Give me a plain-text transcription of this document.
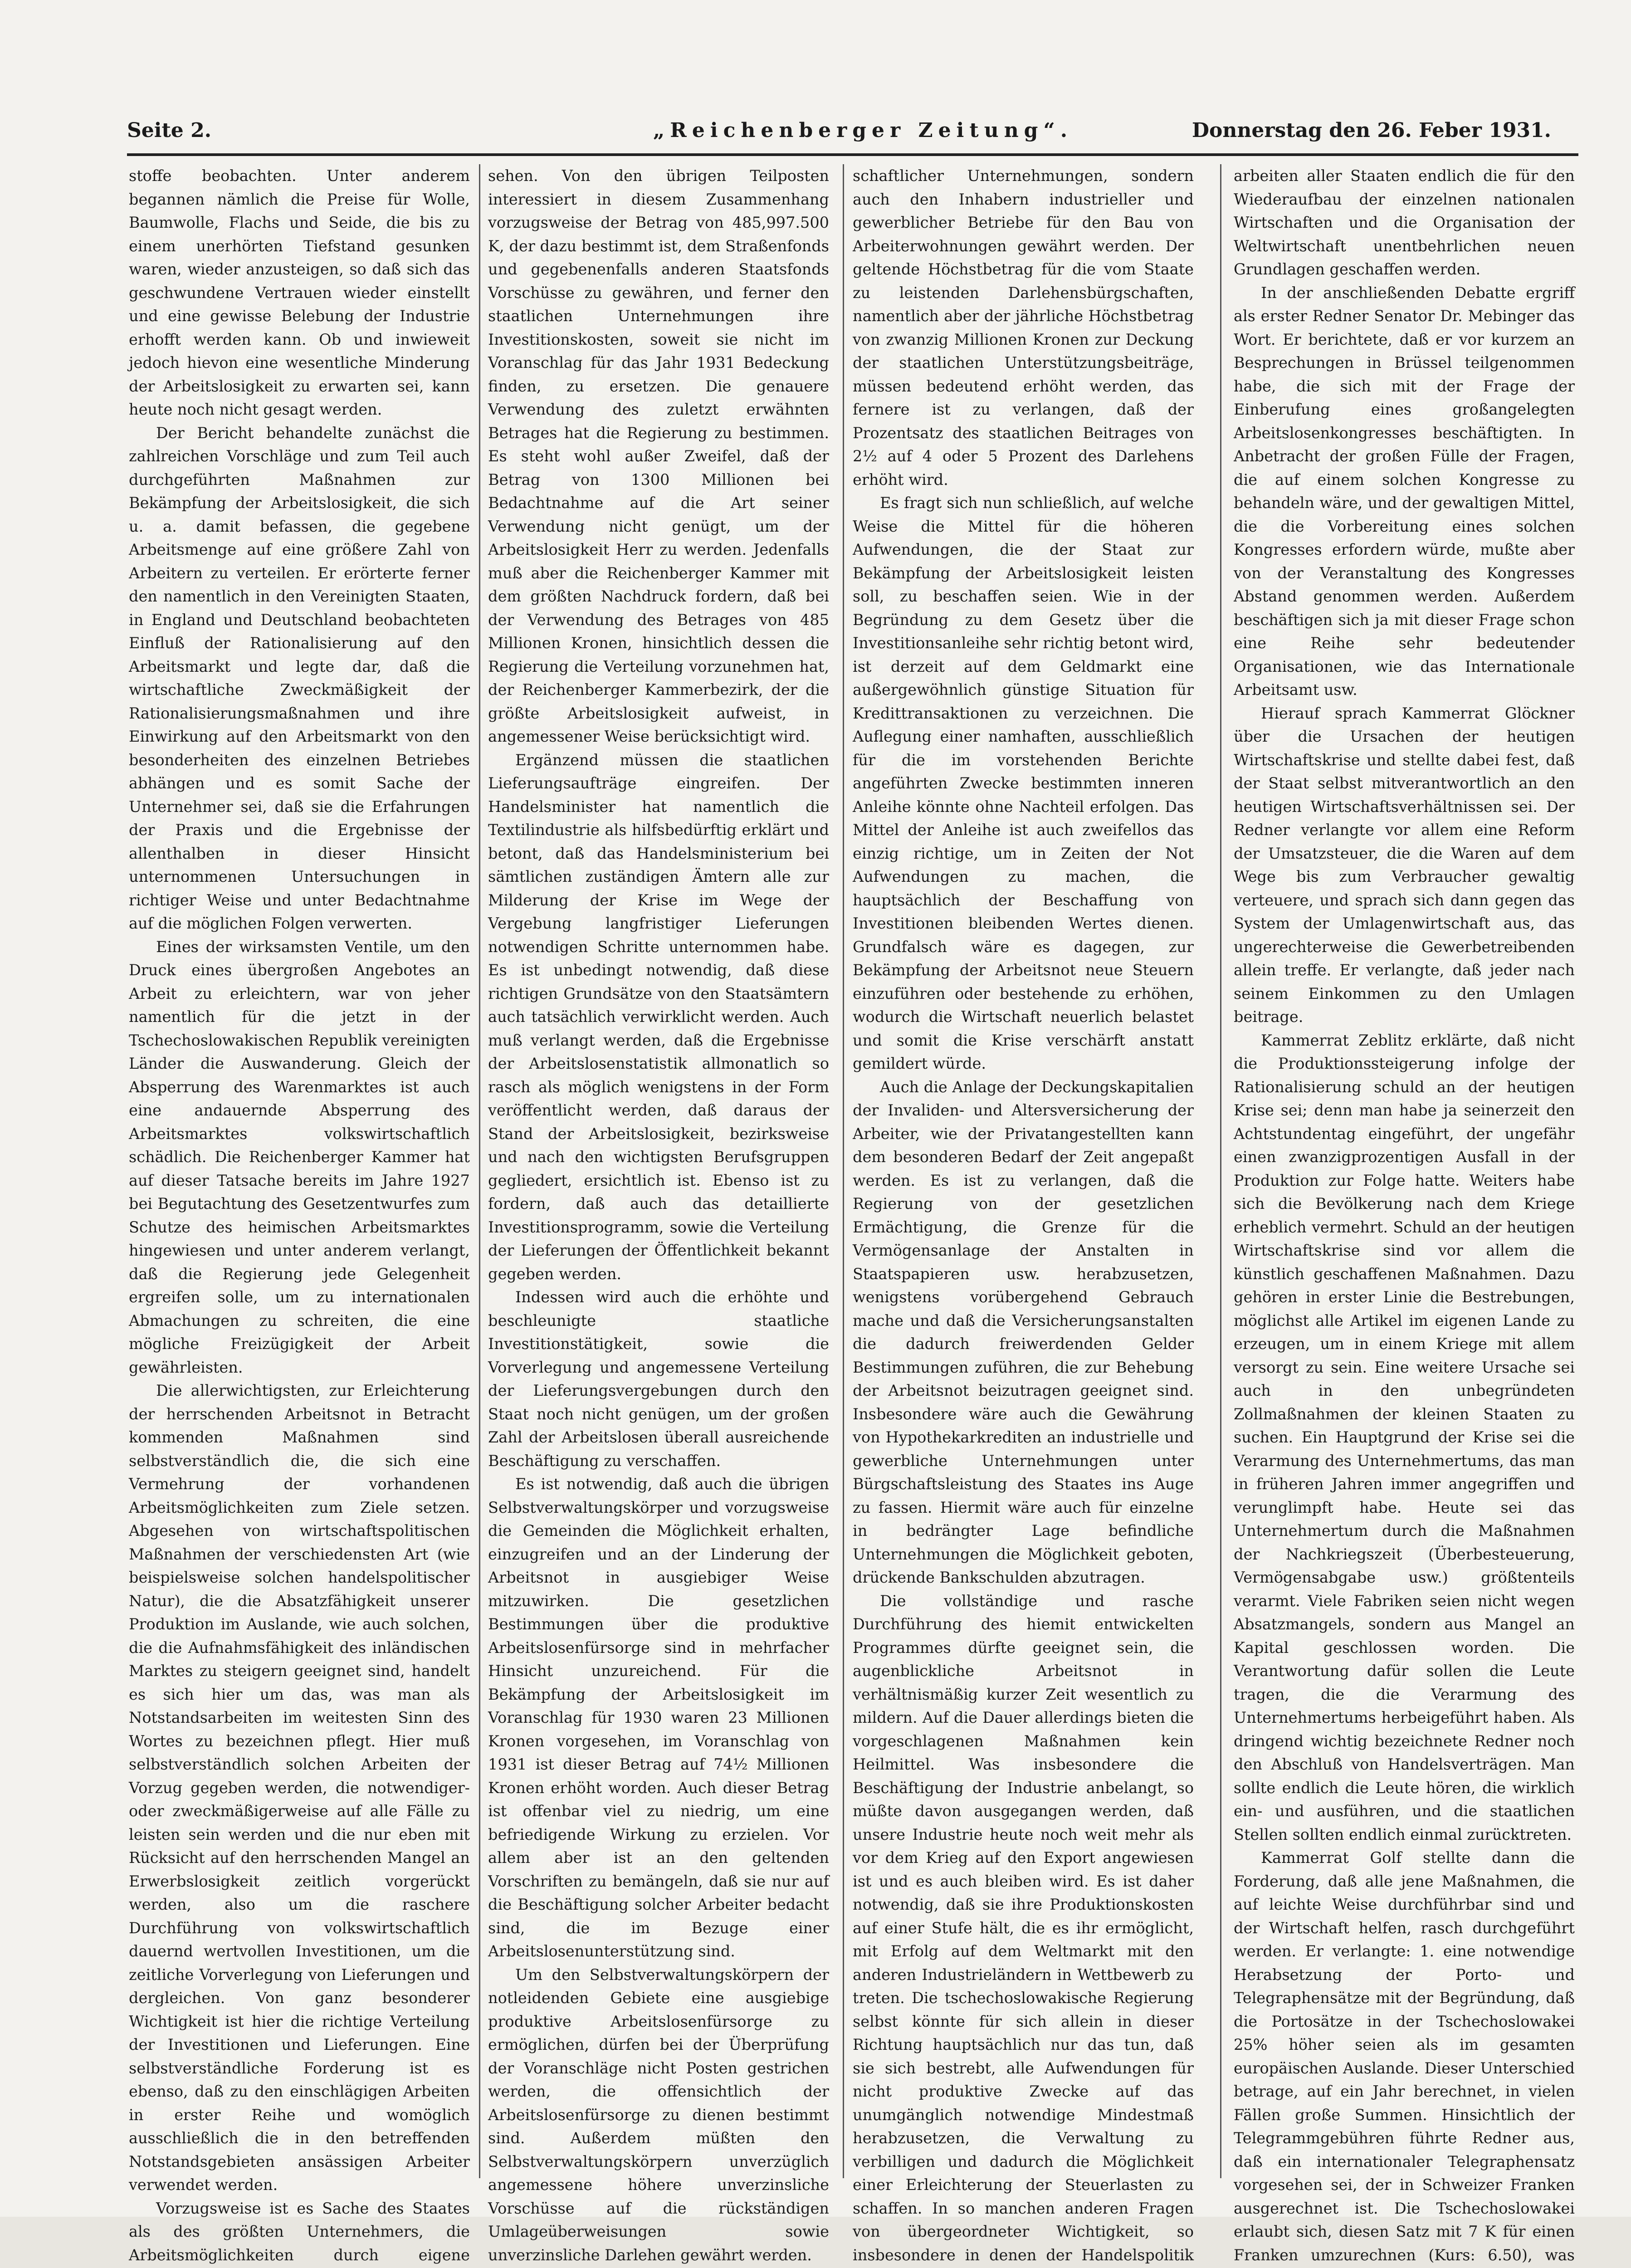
Seite 2.	„Reichenberger Zeitung“.	Donnerstag den 26. Feber 1931.

stoffe beobachten. Unter anderem begannen nämlich die Preise für Wolle, Baumwolle, Flachs und Seide, die bis zu einem unerhörten Tiefstand gesunken waren, wieder anzusteigen, so daß sich das geschwundene Vertrauen wieder einstellt und eine gewisse Belebung der Industrie erhofft werden kann. Ob und inwieweit jedoch hievon eine wesentliche Minderung der Arbeitslosigkeit zu erwarten sei, kann heute noch nicht gesagt werden.

Der Bericht behandelte zunächst die zahlreichen Vorschläge und zum Teil auch durchgeführten Maßnahmen zur Bekämpfung der Arbeitslosigkeit, die sich u. a. damit befassen, die gegebene Arbeitsmenge auf eine größere Zahl von Arbeitern zu verteilen. Er erörterte ferner den namentlich in den Vereinigten Staaten, in England und Deutschland beobachteten Einfluß der Rationalisierung auf den Arbeitsmarkt und legte dar, daß die wirtschaftliche Zweckmäßigkeit der Rationalisierungsmaßnahmen und ihre Einwirkung auf den Arbeitsmarkt von den besonderheiten des einzelnen Betriebes abhängen und es somit Sache der Unternehmer sei, daß sie die Erfahrungen der Praxis und die Ergebnisse der allenthalben in dieser Hinsicht unternommenen Untersuchungen in richtiger Weise und unter Bedachtnahme auf die möglichen Folgen verwerten.

Eines der wirksamsten Ventile, um den Druck eines übergroßen Angebotes an Arbeit zu erleichtern, war von jeher namentlich für die jetzt in der Tschechoslowakischen Republik vereinigten Länder die Auswanderung. Gleich der Absperrung des Warenmarktes ist auch eine andauernde Absperrung des Arbeitsmarktes volkswirtschaftlich schädlich. Die Reichenberger Kammer hat auf dieser Tatsache bereits im Jahre 1927 bei Begutachtung des Gesetzentwurfes zum Schutze des heimischen Arbeitsmarktes hingewiesen und unter anderem verlangt, daß die Regierung jede Gelegenheit ergreifen solle, um zu internationalen Abmachungen zu schreiten, die eine mögliche Freizügigkeit der Arbeit gewährleisten.

Die allerwichtigsten, zur Erleichterung der herrschenden Arbeitsnot in Betracht kommenden Maßnahmen sind selbstverständlich die, die sich eine Vermehrung der vorhandenen Arbeitsmöglichkeiten zum Ziele setzen. Abgesehen von wirtschaftspolitischen Maßnahmen der verschiedensten Art (wie beispielsweise solchen handelspolitischer Natur), die die Absatzfähigkeit unserer Produktion im Auslande, wie auch solchen, die die Aufnahmsfähigkeit des inländischen Marktes zu steigern geeignet sind, handelt es sich hier um das, was man als Notstandsarbeiten im weitesten Sinn des Wortes zu bezeichnen pflegt. Hier muß selbstverständlich solchen Arbeiten der Vorzug gegeben werden, die notwendiger- oder zweckmäßigerweise auf alle Fälle zu leisten sein werden und die nur eben mit Rücksicht auf den herrschenden Mangel an Erwerbslosigkeit zeitlich vorgerückt werden, also um die raschere Durchführung von volkswirtschaftlich dauernd wertvollen Investitionen, um die zeitliche Vorverlegung von Lieferungen und dergleichen. Von ganz besonderer Wichtigkeit ist hier die richtige Verteilung der Investitionen und Lieferungen. Eine selbstverständliche Forderung ist es ebenso, daß zu den einschlägigen Arbeiten in erster Reihe und womöglich ausschließlich die in den betreffenden Notstandsgebieten ansässigen Arbeiter verwendet werden.

Vorzugsweise ist es Sache des Staates als des größten Unternehmers, die Arbeitsmöglichkeiten durch eigene

sehen. Von den übrigen Teilposten interessiert in diesem Zusammenhang vorzugsweise der Betrag von 485,997.500 K, der dazu bestimmt ist, dem Straßenfonds und gegebenenfalls anderen Staatsfonds Vorschüsse zu gewähren, und ferner den staatlichen Unternehmungen ihre Investitionskosten, soweit sie nicht im Voranschlag für das Jahr 1931 Bedeckung finden, zu ersetzen. Die genauere Verwendung des zuletzt erwähnten Betrages hat die Regierung zu bestimmen. Es steht wohl außer Zweifel, daß der Betrag von 1300 Millionen bei Bedachtnahme auf die Art seiner Verwendung nicht genügt, um der Arbeitslosigkeit Herr zu werden. Jedenfalls muß aber die Reichenberger Kammer mit dem größten Nachdruck fordern, daß bei der Verwendung des Betrages von 485 Millionen Kronen, hinsichtlich dessen die Regierung die Verteilung vorzunehmen hat, der Reichenberger Kammerbezirk, der die größte Arbeitslosigkeit aufweist, in angemessener Weise berücksichtigt wird.

Ergänzend müssen die staatlichen Lieferungsaufträge eingreifen. Der Handelsminister hat namentlich die Textilindustrie als hilfsbedürftig erklärt und betont, daß das Handelsministerium bei sämtlichen zuständigen Ämtern alle zur Milderung der Krise im Wege der Vergebung langfristiger Lieferungen notwendigen Schritte unternommen habe. Es ist unbedingt notwendig, daß diese richtigen Grundsätze von den Staatsämtern auch tatsächlich verwirklicht werden. Auch muß verlangt werden, daß die Ergebnisse der Arbeitslosenstatistik allmonatlich so rasch als möglich wenigstens in der Form veröffentlicht werden, daß daraus der Stand der Arbeitslosigkeit, bezirksweise und nach den wichtigsten Berufsgruppen gegliedert, ersichtlich ist. Ebenso ist zu fordern, daß auch das detaillierte Investitionsprogramm, sowie die Verteilung der Lieferungen der Öffentlichkeit bekannt gegeben werden.

Indessen wird auch die erhöhte und beschleunigte staatliche Investitionstätigkeit, sowie die Vorverlegung und angemessene Verteilung der Lieferungsvergebungen durch den Staat noch nicht genügen, um der großen Zahl der Arbeitslosen überall ausreichende Beschäftigung zu verschaffen.

Es ist notwendig, daß auch die übrigen Selbstverwaltungskörper und vorzugsweise die Gemeinden die Möglichkeit erhalten, einzugreifen und an der Linderung der Arbeitsnot in ausgiebiger Weise mitzuwirken. Die gesetzlichen Bestimmungen über die produktive Arbeitslosenfürsorge sind in mehrfacher Hinsicht unzureichend. Für die Bekämpfung der Arbeitslosigkeit im Voranschlag für 1930 waren 23 Millionen Kronen vorgesehen, im Voranschlag von 1931 ist dieser Betrag auf 74½ Millionen Kronen erhöht worden. Auch dieser Betrag ist offenbar viel zu niedrig, um eine befriedigende Wirkung zu erzielen. Vor allem aber ist an den geltenden Vorschriften zu bemängeln, daß sie nur auf die Beschäftigung solcher Arbeiter bedacht sind, die im Bezuge einer Arbeitslosenunterstützung sind.

Um den Selbstverwaltungskörpern der notleidenden Gebiete eine ausgiebige produktive Arbeitslosenfürsorge zu ermöglichen, dürfen bei der Überprüfung der Voranschläge nicht Posten gestrichen werden, die offensichtlich der Arbeitslosenfürsorge zu dienen bestimmt sind. Außerdem müßten den Selbstverwaltungskörpern unverzüglich angemessene höhere unverzinsliche Vorschüsse auf die rückständigen Umlageüberweisungen sowie unverzinsliche Darlehen gewährt werden.

schaftlicher Unternehmungen, sondern auch den Inhabern industrieller und gewerblicher Betriebe für den Bau von Arbeiterwohnungen gewährt werden. Der geltende Höchstbetrag für die vom Staate zu leistenden Darlehensbürgschaften, namentlich aber der jährliche Höchstbetrag von zwanzig Millionen Kronen zur Deckung der staatlichen Unterstützungsbeiträge, müssen bedeutend erhöht werden, das fernere ist zu verlangen, daß der Prozentsatz des staatlichen Beitrages von 2½ auf 4 oder 5 Prozent des Darlehens erhöht wird.

Es fragt sich nun schließlich, auf welche Weise die Mittel für die höheren Aufwendungen, die der Staat zur Bekämpfung der Arbeitslosigkeit leisten soll, zu beschaffen seien. Wie in der Begründung zu dem Gesetz über die Investitionsanleihe sehr richtig betont wird, ist derzeit auf dem Geldmarkt eine außergewöhnlich günstige Situation für Kredittransaktionen zu verzeichnen. Die Auflegung einer namhaften, ausschließlich für die im vorstehenden Berichte angeführten Zwecke bestimmten inneren Anleihe könnte ohne Nachteil erfolgen. Das Mittel der Anleihe ist auch zweifellos das einzig richtige, um in Zeiten der Not Aufwendungen zu machen, die hauptsächlich der Beschaffung von Investitionen bleibenden Wertes dienen. Grundfalsch wäre es dagegen, zur Bekämpfung der Arbeitsnot neue Steuern einzuführen oder bestehende zu erhöhen, wodurch die Wirtschaft neuerlich belastet und somit die Krise verschärft anstatt gemildert würde.

Auch die Anlage der Deckungskapitalien der Invaliden- und Altersversicherung der Arbeiter, wie der Privatangestellten kann dem besonderen Bedarf der Zeit angepaßt werden. Es ist zu verlangen, daß die Regierung von der gesetzlichen Ermächtigung, die Grenze für die Vermögensanlage der Anstalten in Staatspapieren usw. herabzusetzen, wenigstens vorübergehend Gebrauch mache und daß die Versicherungsanstalten die dadurch freiwerdenden Gelder Bestimmungen zuführen, die zur Behebung der Arbeitsnot beizutragen geeignet sind. Insbesondere wäre auch die Gewährung von Hypothekarkrediten an industrielle und gewerbliche Unternehmungen unter Bürgschaftsleistung des Staates ins Auge zu fassen. Hiermit wäre auch für einzelne in bedrängter Lage befindliche Unternehmungen die Möglichkeit geboten, drückende Bankschulden abzutragen.

Die vollständige und rasche Durchführung des hiemit entwickelten Programmes dürfte geeignet sein, die augenblickliche Arbeitsnot in verhältnismäßig kurzer Zeit wesentlich zu mildern. Auf die Dauer allerdings bieten die vorgeschlagenen Maßnahmen kein Heilmittel. Was insbesondere die Beschäftigung der Industrie anbelangt, so müßte davon ausgegangen werden, daß unsere Industrie heute noch weit mehr als vor dem Krieg auf den Export angewiesen ist und es auch bleiben wird. Es ist daher notwendig, daß sie ihre Produktionskosten auf einer Stufe hält, die es ihr ermöglicht, mit Erfolg auf dem Weltmarkt mit den anderen Industrieländern in Wettbewerb zu treten. Die tschechoslowakische Regierung selbst könnte für sich allein in dieser Richtung hauptsächlich nur das tun, daß sie sich bestrebt, alle Aufwendungen für nicht produktive Zwecke auf das unumgänglich notwendige Mindestmaß herabzusetzen, die Verwaltung zu verbilligen und dadurch die Möglichkeit einer Erleichterung der Steuerlasten zu schaffen. In so manchen anderen Fragen von übergeordneter Wichtigkeit, so insbesondere in denen der Handelspolitik

arbeiten aller Staaten endlich die für den Wiederaufbau der einzelnen nationalen Wirtschaften und die Organisation der Weltwirtschaft unentbehrlichen neuen Grundlagen geschaffen werden.

In der anschließenden Debatte ergriff als erster Redner Senator Dr. Mebinger das Wort. Er berichtete, daß er vor kurzem an Besprechungen in Brüssel teilgenommen habe, die sich mit der Frage der Einberufung eines großangelegten Arbeitslosenkongresses beschäftigten. In Anbetracht der großen Fülle der Fragen, die auf einem solchen Kongresse zu behandeln wäre, und der gewaltigen Mittel, die die Vorbereitung eines solchen Kongresses erfordern würde, mußte aber von der Veranstaltung des Kongresses Abstand genommen werden. Außerdem beschäftigen sich ja mit dieser Frage schon eine Reihe sehr bedeutender Organisationen, wie das Internationale Arbeitsamt usw.

Hierauf sprach Kammerrat Glöckner über die Ursachen der heutigen Wirtschaftskrise und stellte dabei fest, daß der Staat selbst mitverantwortlich an den heutigen Wirtschaftsverhältnissen sei. Der Redner verlangte vor allem eine Reform der Umsatzsteuer, die die Waren auf dem Wege bis zum Verbraucher gewaltig verteuere, und sprach sich dann gegen das System der Umlagenwirtschaft aus, das ungerechterweise die Gewerbetreibenden allein treffe. Er verlangte, daß jeder nach seinem Einkommen zu den Umlagen beitrage.

Kammerrat Zeblitz erklärte, daß nicht die Produktionssteigerung infolge der Rationalisierung schuld an der heutigen Krise sei; denn man habe ja seinerzeit den Achtstundentag eingeführt, der ungefähr einen zwanzigprozentigen Ausfall in der Produktion zur Folge hatte. Weiters habe sich die Bevölkerung nach dem Kriege erheblich vermehrt. Schuld an der heutigen Wirtschaftskrise sind vor allem die künstlich geschaffenen Maßnahmen. Dazu gehören in erster Linie die Bestrebungen, möglichst alle Artikel im eigenen Lande zu erzeugen, um in einem Kriege mit allem versorgt zu sein. Eine weitere Ursache sei auch in den unbegründeten Zollmaßnahmen der kleinen Staaten zu suchen. Ein Hauptgrund der Krise sei die Verarmung des Unternehmertums, das man in früheren Jahren immer angegriffen und verunglimpft habe. Heute sei das Unternehmertum durch die Maßnahmen der Nachkriegszeit (Überbesteuerung, Vermögensabgabe usw.) größtenteils verarmt. Viele Fabriken seien nicht wegen Absatzmangels, sondern aus Mangel an Kapital geschlossen worden. Die Verantwortung dafür sollen die Leute tragen, die die Verarmung des Unternehmertums herbeigeführt haben. Als dringend wichtig bezeichnete Redner noch den Abschluß von Handelsverträgen. Man sollte endlich die Leute hören, die wirklich ein- und ausführen, und die staatlichen Stellen sollten endlich einmal zurücktreten.

Kammerrat Golf stellte dann die Forderung, daß alle jene Maßnahmen, die auf leichte Weise durchführbar sind und der Wirtschaft helfen, rasch durchgeführt werden. Er verlangte: 1. eine notwendige Herabsetzung der Porto- und Telegraphensätze mit der Begründung, daß die Portosätze in der Tschechoslowakei 25% höher seien als im gesamten europäischen Auslande. Dieser Unterschied betrage, auf ein Jahr berechnet, in vielen Fällen große Summen. Hinsichtlich der Telegrammgebühren führte Redner aus, daß ein internationaler Telegraphensatz vorgesehen sei, der in Schweizer Franken ausgerechnet ist. Die Tschechoslowakei erlaubt sich, diesen Satz mit 7 K für einen Franken umzurechnen (Kurs: 6.50), was
